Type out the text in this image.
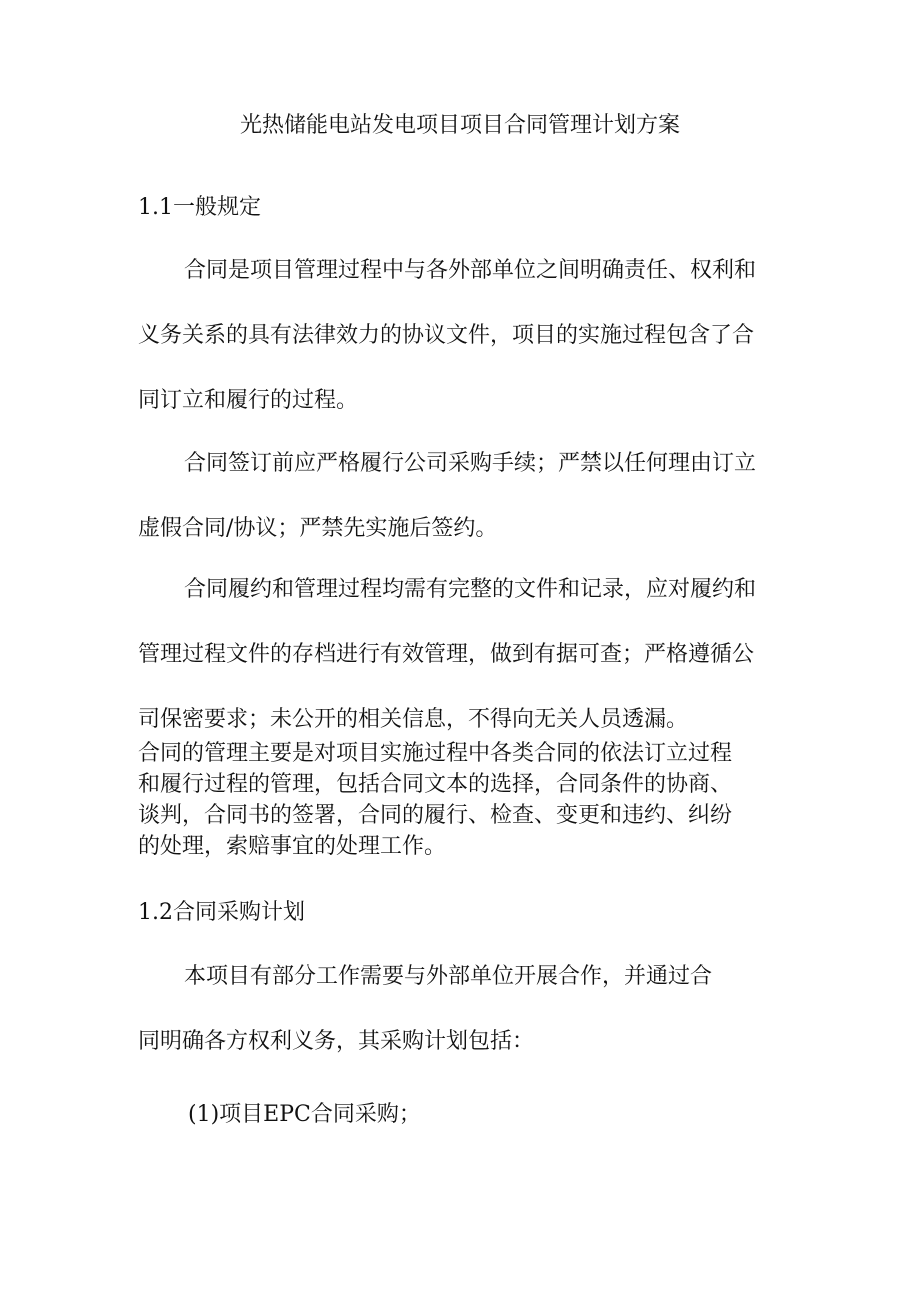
光热储能电站发电项目项目合同管理计划方案
1.1一般规定
合同是项目管理过程中与各外部单位之间明确责任、权利和
义务关系的具有法律效力的协议文件，项目的实施过程包含了合
同订立和履行的过程。
合同签订前应严格履行公司采购手续；严禁以任何理由订立
虚假合同/协议；严禁先实施后签约。
合同履约和管理过程均需有完整的文件和记录，应对履约和
管理过程文件的存档进行有效管理，做到有据可查；严格遵循公
司保密要求；未公开的相关信息，不得向无关人员透漏。
合同的管理主要是对项目实施过程中各类合同的依法订立过程
和履行过程的管理，包括合同文本的选择，合同条件的协商、
谈判，合同书的签署，合同的履行、检查、变更和违约、纠纷
的处理，索赔事宜的处理工作。
1.2合同采购计划
本项目有部分工作需要与外部单位开展合作，并通过合
同明确各方权利义务，其采购计划包括：
(1)项目EPC合同采购；
